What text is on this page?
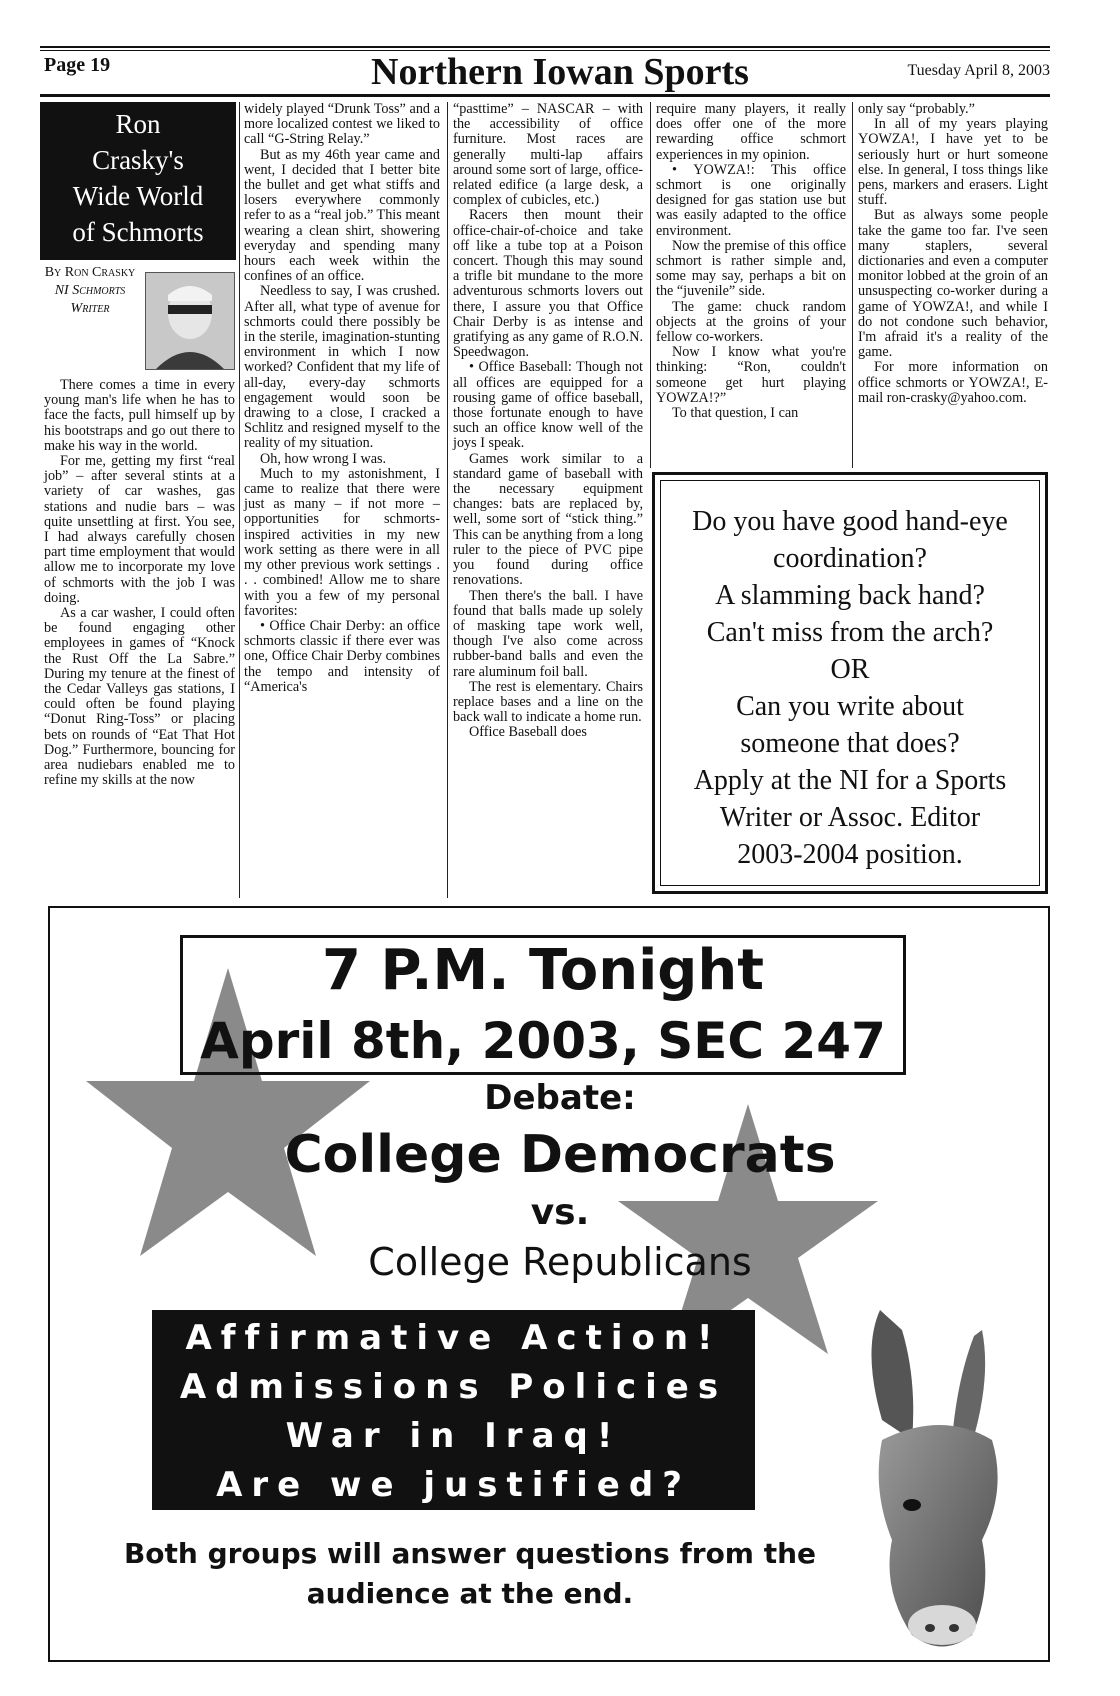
Page 19	Northern Iowan Sports	Tuesday April 8, 2003
Ron
Crasky's
Wide World
of Schmorts
By Ron Crasky
NI Schmorts Writer

There comes a time in every young man's life when he has to face the facts, pull himself up by his bootstraps and go out there to make his way in the world.

For me, getting my first “real job” – after several stints at a variety of car washes, gas stations and nudie bars – was quite unsettling at first. You see, I had always carefully chosen part time employment that would allow me to incorporate my love of schmorts with the job I was doing.

As a car washer, I could often be found engaging other employees in games of “Knock the Rust Off the La Sabre.” During my tenure at the finest of the Cedar Valleys gas stations, I could often be found playing “Donut Ring-Toss” or placing bets on rounds of “Eat That Hot Dog.” Furthermore, bouncing for area nudiebars enabled me to refine my skills at the now

widely played “Drunk Toss” and a more localized contest we liked to call “G-String Relay.”

But as my 46th year came and went, I decided that I better bite the bullet and get what stiffs and losers everywhere commonly refer to as a “real job.” This meant wearing a clean shirt, showering everyday and spending many hours each week within the confines of an office.

Needless to say, I was crushed. After all, what type of avenue for schmorts could there possibly be in the sterile, imagination-stunting environment in which I now worked? Confident that my life of all-day, every-day schmorts engagement would soon be drawing to a close, I cracked a Schlitz and resigned myself to the reality of my situation.

Oh, how wrong I was.

Much to my astonishment, I came to realize that there were just as many – if not more – opportunities for schmorts-inspired activities in my new work setting as there were in all my other previous work settings . . . combined! Allow me to share with you a few of my personal favorites:

• Office Chair Derby: an office schmorts classic if there ever was one, Office Chair Derby combines the tempo and intensity of “America's

“pasttime” – NASCAR – with the accessibility of office furniture. Most races are generally multi-lap affairs around some sort of large, office-related edifice (a large desk, a complex of cubicles, etc.)

Racers then mount their office-chair-of-choice and take off like a tube top at a Poison concert. Though this may sound a trifle bit mundane to the more adventurous schmorts lovers out there, I assure you that Office Chair Derby is as intense and gratifying as any game of R.O.N. Speedwagon.

• Office Baseball: Though not all offices are equipped for a rousing game of office baseball, those fortunate enough to have such an office know well of the joys I speak.

Games work similar to a standard game of baseball with the necessary equipment changes: bats are replaced by, well, some sort of “stick thing.” This can be anything from a long ruler to the piece of PVC pipe you found during office renovations.

Then there's the ball. I have found that balls made up solely of masking tape work well, though I've also come across rubber-band balls and even the rare aluminum foil ball.

The rest is elementary. Chairs replace bases and a line on the back wall to indicate a home run.

Office Baseball does

require many players, it really does offer one of the more rewarding office schmort experiences in my opinion.

• YOWZA!: This office schmort is one originally designed for gas station use but was easily adapted to the office environment.

Now the premise of this office schmort is rather simple and, some may say, perhaps a bit on the “juvenile” side.

The game: chuck random objects at the groins of your fellow co-workers.

Now I know what you're thinking: “Ron, couldn't someone get hurt playing YOWZA!?”

To that question, I can

only say “probably.”

In all of my years playing YOWZA!, I have yet to be seriously hurt or hurt someone else. In general, I toss things like pens, markers and erasers. Light stuff.

But as always some people take the game too far. I've seen many staplers, several dictionaries and even a computer monitor lobbed at the groin of an unsuspecting co-worker during a game of YOWZA!, and while I do not condone such behavior, I'm afraid it's a reality of the game.

For more information on office schmorts or YOWZA!, E-mail ron-crasky@yahoo.com.

Do you have good hand-eye
coordination?
A slamming back hand?
Can't miss from the arch?
OR
Can you write about
someone that does?
Apply at the NI for a Sports
Writer or Assoc. Editor
2003-2004 position.
7 P.M. Tonight
April 8th, 2003, SEC 247
Debate:
College Democrats
vs.
College Republicans
Affirmative Action!
Admissions Policies
War in Iraq!
Are we justified?
Both groups will answer questions from the
audience at the end.
